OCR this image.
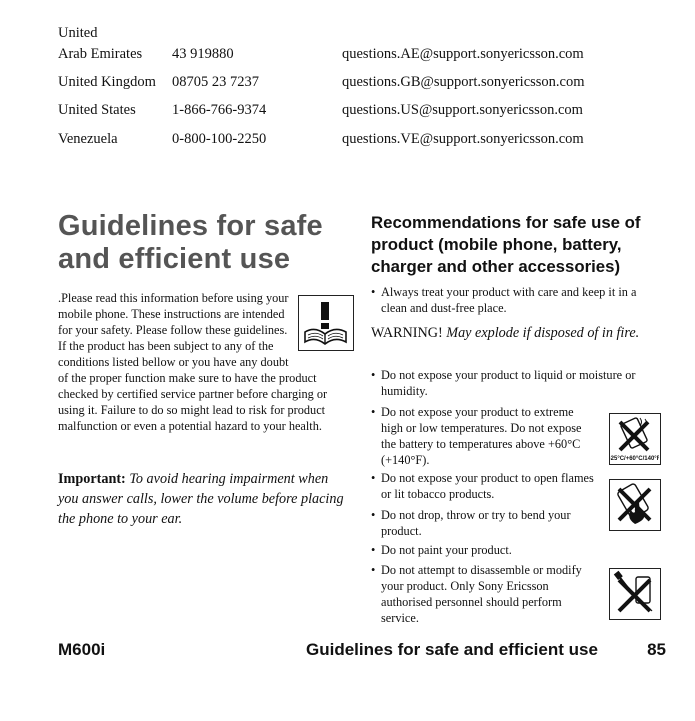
United
Arab Emirates 43 919880	questions.AE@support.sonyericsson.com
United Kingdom 08705 23 7237	questions.GB@support.sonyericsson.com
United States	1-866-766-9374	questions.US@support.sonyericsson.com
Venezuela	0-800-100-2250	questions.VE@support.sonyericsson.com
Guidelines for safe
and efficient use

.Please read this information before using your mobile phone. These instructions are intended for your safety. Please follow these guidelines. If the product has been subject to any of the conditions listed bellow or you have any doubt of the proper function make sure to have the product checked by certified service partner before charging or using it. Failure to do so might lead to risk for product malfunction or even a potential hazard to your health.

Important: To avoid hearing impairment when you answer calls, lower the volume before placing the phone to your ear.
Recommendations for safe use of product (mobile phone, battery, charger and other accessories)
• Always treat your product with care and keep it in a clean and dust-free place.
WARNING! May explode if disposed of in fire.
• Do not expose your product to liquid or moisture or humidity.
• Do not expose your product to extreme high or low temperatures. Do not expose the battery to temperatures above +60°C (+140°F).
• Do not expose your product to open flames or lit tobacco products.
• Do not drop, throw or try to bend your product.
• Do not paint your product.
• Do not attempt to disassemble or modify your product. Only Sony Ericsson authorised personnel should perform service.
-25°C/+60°C/140°F
M600i	Guidelines for safe and efficient use	85
